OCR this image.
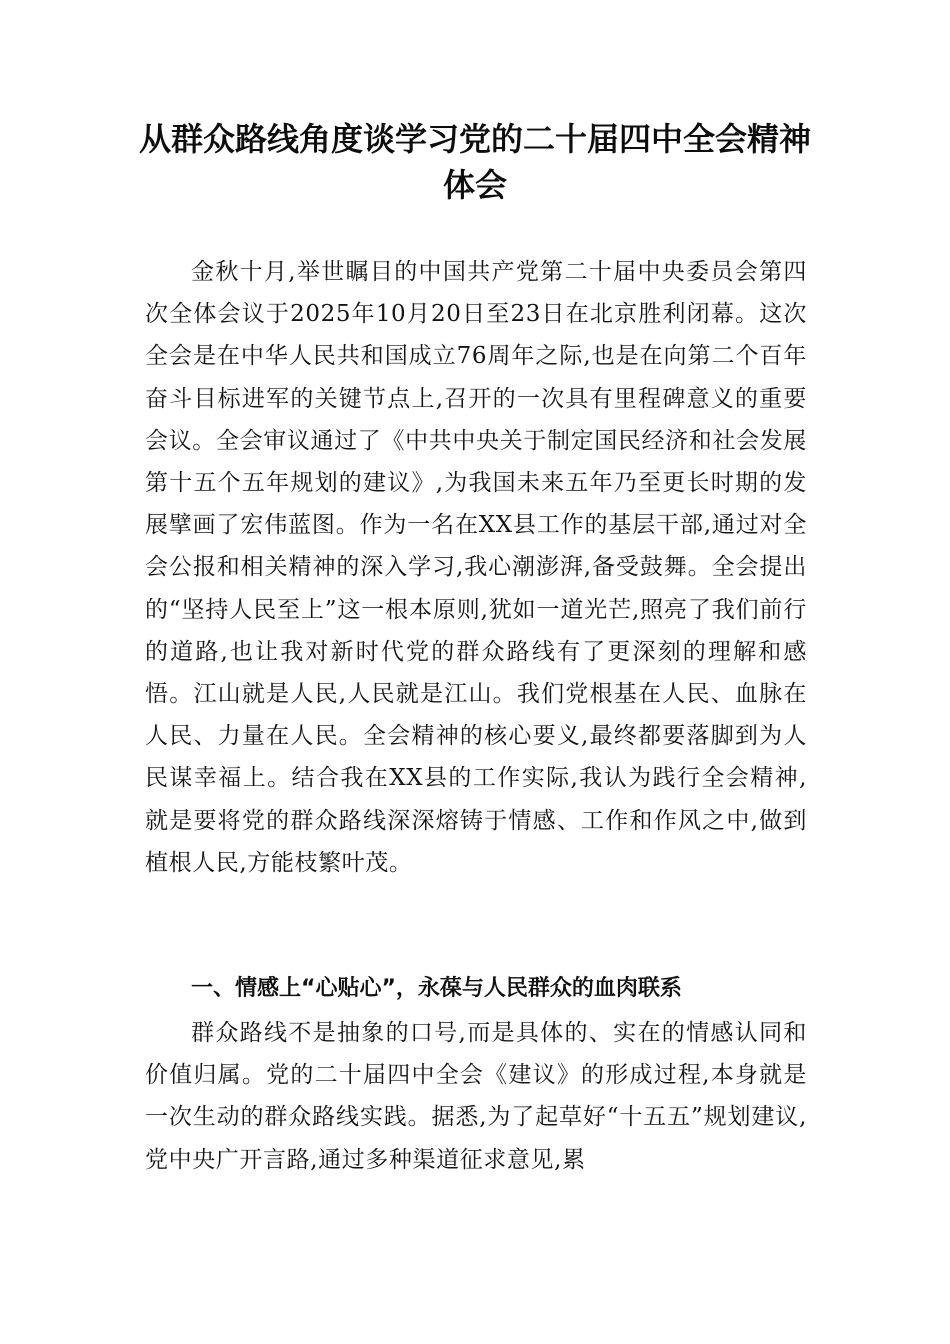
从群众路线角度谈学习党的二十届四中全会精神体会

金秋十月,举世瞩目的中国共产党第二十届中央委员会第四次全体会议于2025年10月20日至23日在北京胜利闭幕。这次全会是在中华人民共和国成立76周年之际,也是在向第二个百年奋斗目标进军的关键节点上,召开的一次具有里程碑意义的重要会议。全会审议通过了《中共中央关于制定国民经济和社会发展第十五个五年规划的建议》,为我国未来五年乃至更长时期的发展擘画了宏伟蓝图。作为一名在XX县工作的基层干部,通过对全会公报和相关精神的深入学习,我心潮澎湃,备受鼓舞。全会提出的“坚持人民至上”这一根本原则,犹如一道光芒,照亮了我们前行的道路,也让我对新时代党的群众路线有了更深刻的理解和感悟。江山就是人民,人民就是江山。我们党根基在人民、血脉在人民、力量在人民。全会精神的核心要义,最终都要落脚到为人民谋幸福上。结合我在XX县的工作实际,我认为践行全会精神,就是要将党的群众路线深深熔铸于情感、工作和作风之中,做到植根人民,方能枝繁叶茂。

一、情感上“心贴心”，永葆与人民群众的血肉联系

群众路线不是抽象的口号,而是具体的、实在的情感认同和价值归属。党的二十届四中全会《建议》的形成过程,本身就是一次生动的群众路线实践。据悉,为了起草好“十五五”规划建议,党中央广开言路,通过多种渠道征求意见,累
